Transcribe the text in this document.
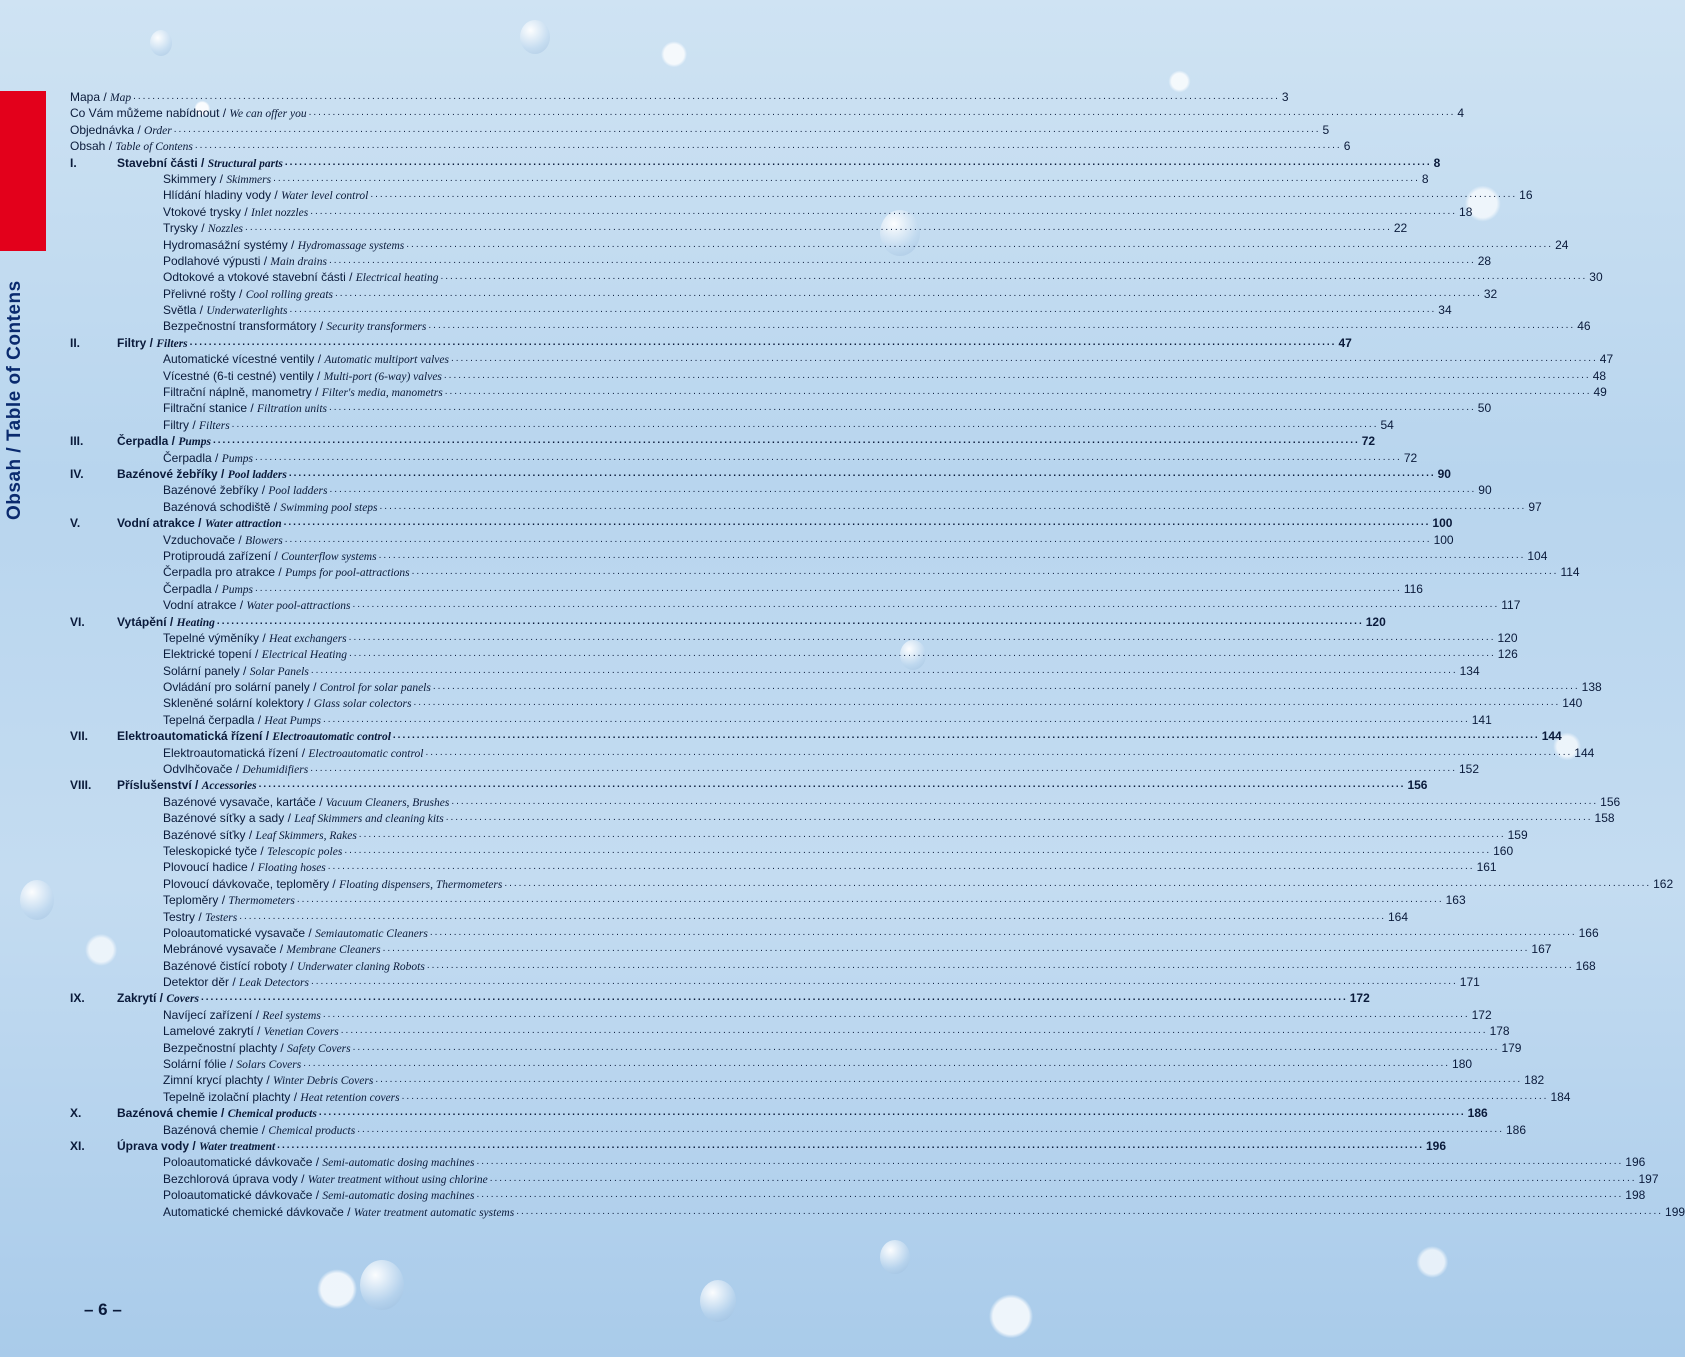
Obsah / Table of Contens
Mapa / Map .....	3
Co Vám můžeme nabídnout / We can offer you .....	4
Objednávka / Order .....	5
Obsah / Table of Contens .....	6
I.	Stavební části / Structural parts .....	8
Skimmery / Skimmers .....	8
Hlídání hladiny vody / Water level control .....	16
Vtokové trysky / Inlet nozzles .....	18
Trysky / Nozzles .....	22
Hydromasážní systémy / Hydromassage systems .....	24
Podlahové výpusti / Main drains .....	28
Odtokové a vtokové stavební části / Electrical heating .....	30
Přelivné rošty / Cool rolling greats .....	32
Světla / Underwaterlights .....	34
Bezpečnostní transformátory / Security transformers .....	46
II.	Filtry / Filters .....	47
Automatické vícestné ventily / Automatic multiport valves .....	47
Vícestné (6-ti cestné) ventily / Multi-port (6-way) valves .....	48
Filtrační náplně, manometry / Filter's media, manometrs .....	49
Filtrační stanice / Filtration units .....	50
Filtry / Filters .....	54
III.	Čerpadla / Pumps .....	72
Čerpadla / Pumps .....	72
IV.	Bazénové žebříky / Pool ladders .....	90
Bazénové žebříky / Pool ladders .....	90
Bazénová schodiště / Swimming pool steps .....	97
V.	Vodní atrakce / Water attraction .....	100
Vzduchovače / Blowers .....	100
Protiproudá zařízení / Counterflow systems .....	104
Čerpadla pro atrakce / Pumps for pool-attractions .....	114
Čerpadla / Pumps .....	116
Vodní atrakce / Water pool-attractions .....	117
VI.	Vytápění / Heating .....	120
Tepelné výměníky / Heat exchangers .....	120
Elektrické topení / Electrical Heating .....	126
Solární panely / Solar Panels .....	134
Ovládání pro solární panely / Control for solar panels .....	138
Skleněné solární kolektory / Glass solar colectors .....	140
Tepelná čerpadla / Heat Pumps .....	141
VII. Elektroautomatická řízení / Electroautomatic control .....	144
Elektroautomatická řízení / Electroautomatic control .....	144
Odvlhčovače / Dehumidifiers .....	152
VIII. Příslušenství / Accessories .....	156
Bazénové vysavače, kartáče / Vacuum Cleaners, Brushes .....	156
Bazénové síťky a sady / Leaf Skimmers and cleaning kits .....	158
Bazénové síťky / Leaf Skimmers, Rakes .....	159
Teleskopické tyče / Telescopic poles .....	160
Plovoucí hadice / Floating hoses .....	161
Plovoucí dávkovače, teploměry / Floating dispensers, Thermometers .....	162
Teploměry / Thermometers .....	163
Testry / Testers .....	164
Poloautomatické vysavače / Semiautomatic Cleaners .....	166
Mebránové vysavače / Membrane Cleaners .....	167
Bazénové čistící roboty / Underwater claning Robots .....	168
Detektor děr / Leak Detectors .....	171
IX.	Zakrytí / Covers .....	172
Navíjecí zařízení / Reel systems .....	172
Lamelové zakrytí / Venetian Covers .....	178
Bezpečnostní plachty / Safety Covers .....	179
Solární fólie / Solars Covers .....	180
Zimní krycí plachty / Winter Debris Covers .....	182
Tepelně izolační plachty / Heat retention covers .....	184
X.	Bazénová chemie / Chemical products .....	186
Bazénová chemie / Chemical products .....	186
XI.	Úprava vody / Water treatment .....	196
Poloautomatické dávkovače / Semi-automatic dosing machines .....	196
Bezchlorová úprava vody / Water treatment without using chlorine .....	197
Poloautomatické dávkovače / Semi-automatic dosing machines .....	198
Automatické chemické dávkovače / Water treatment automatic systems .....	199
– 6 –
